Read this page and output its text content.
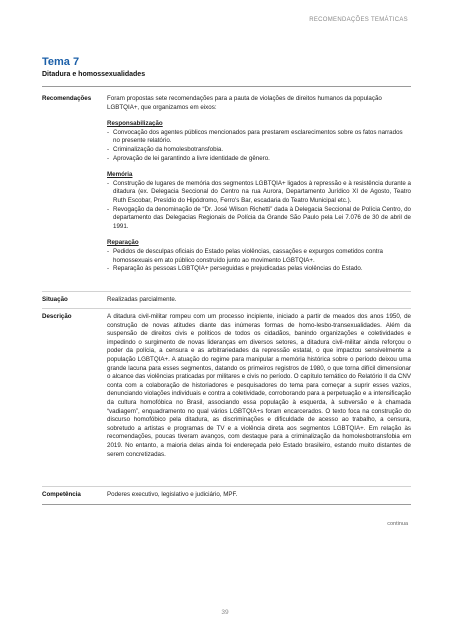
RECOMENDAÇÕES TEMÁTICAS
Tema 7
Ditadura e homossexualidades
Recomendações	Foram propostas sete recomendações para a pauta de violações de direitos humanos da população LGBTQIA+, que organizamos em eixos:

Responsabilização

- Convocação dos agentes públicos mencionados para prestarem esclarecimentos sobre os fatos narrados no presente relatório.
- Criminalização da homolesbotransfobia.
- Aprovação de lei garantindo a livre identidade de gênero.

Memória

- Construção de lugares de memória dos segmentos LGBTQIA+ ligados à repressão e à resistência durante a ditadura (ex. Delegacia Seccional do Centro na rua Aurora, Departamento Jurídico XI de Agosto, Teatro Ruth Escobar, Presídio do Hipódromo, Ferro's Bar, escadaria do Teatro Municipal etc.).
- Revogação da denominação de “Dr. José Wilson Richetti” dada à Delegacia Seccional de Polícia Centro, do departamento das Delegacias Regionais de Polícia da Grande São Paulo pela Lei 7.076 de 30 de abril de 1991.

Reparação

- Pedidos de desculpas oficiais do Estado pelas violências, cassações e expurgos cometidos contra homossexuais em ato público construído junto ao movimento LGBTQIA+.
- Reparação às pessoas LGBTQIA+ perseguidas e prejudicadas pelas violências do Estado.
Situação	Realizadas parcialmente.
Descrição	A ditadura civil-militar rompeu com um processo incipiente, iniciado a partir de meados dos anos 1950, de construção de novas atitudes diante das inúmeras formas de homo-lesbo-transexualidades. Além da suspensão de direitos civis e políticos de todos os cidadãos, banindo organizações e coletividades e impedindo o surgimento de novas lideranças em diversos setores, a ditadura civil-militar ainda reforçou o poder da polícia, a censura e as arbitrariedades da repressão estatal, o que impactou sensivelmente a população LGBTQIA+. A atuação do regime para manipular a memória histórica sobre o período deixou uma grande lacuna para esses segmentos, datando os primeiros registros de 1980, o que torna difícil dimensionar o alcance das violências praticadas por militares e civis no período. O capítulo temático do Relatório II da CNV conta com a colaboração de historiadores e pesquisadores do tema para começar a suprir esses vazios, denunciando violações individuais e contra a coletividade, corroborando para a perpetuação e a intensificação da cultura homofóbica no Brasil, associando essa população à esquerda, à subversão e à chamada “vadiagem”, enquadramento no qual vários LGBTQIA+s foram encarcerados. O texto foca na construção do discurso homofóbico pela ditadura, as discriminações e dificuldade de acesso ao trabalho, a censura, sobretudo a artistas e programas de TV e a violência direta aos segmentos LGBTQIA+. Em relação às recomendações, poucas tiveram avanços, com destaque para a criminalização da homolesbotransfobia em 2019. No entanto, a maioria delas ainda foi endereçada pelo Estado brasileiro, estando muito distantes de serem concretizadas.
Competência	Poderes executivo, legislativo e judiciário, MPF.
continua
39
